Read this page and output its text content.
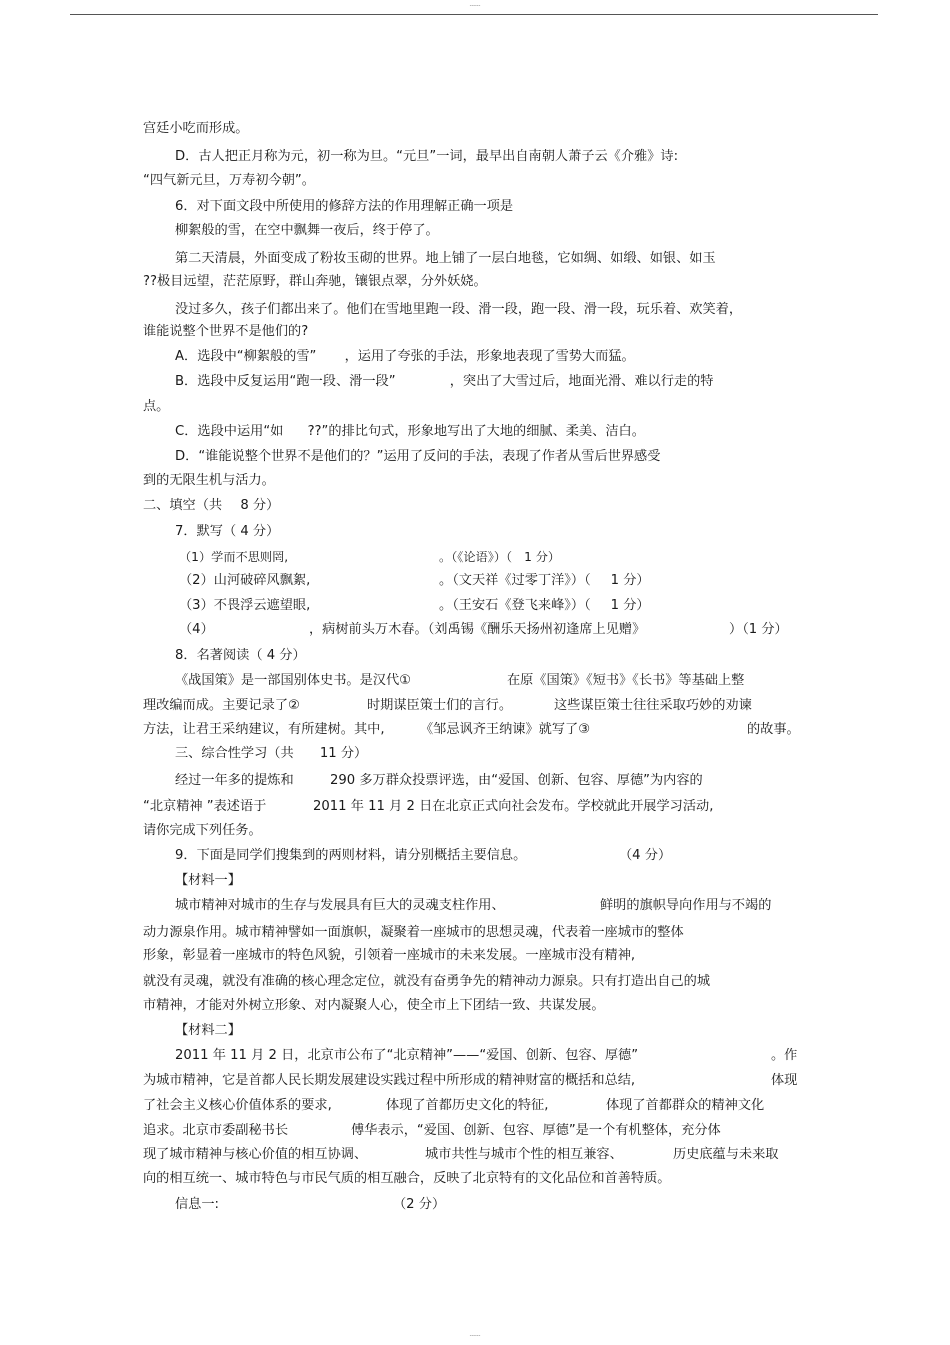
-----
宫廷小吃而形成。
D．古人把正月称为元，初一称为旦。“元旦”一词，最早出自南朝人萧子云《介雅》诗:
“四气新元旦，万寿初今朝”。
6．对下面文段中所使用的修辞方法的作用理解正确一项是
柳絮般的雪，在空中飘舞一夜后，终于停了。
第二天清晨，外面变成了粉妆玉砌的世界。地上铺了一层白地毯，它如绸、如缎、如银、如玉
??极目远望，茫茫原野，群山奔驰，镶银点翠，分外妖娆。
没过多久，孩子们都出来了。他们在雪地里跑一段、滑一段，跑一段、滑一段，玩乐着、欢笑着，
谁能说整个世界不是他们的?
A．选段中“柳絮般的雪” ，运用了夸张的手法，形象地表现了雪势大而猛。
B．选段中反复运用“跑一段、滑一段”	，突出了大雪过后，地面光滑、难以行走的特
点。
C．选段中运用“如 ??”的排比句式，形象地写出了大地的细腻、柔美、洁白。
D．“谁能说整个世界不是他们的？”运用了反问的手法，表现了作者从雪后世界感受
到的无限生机与活力。
二、填空（共 8 分）
7．默写（ 4 分）
（1）学而不思则罔,	。（《论语》）（ 1 分）
（2）山河破碎风飘絮,	。（文天祥《过零丁洋》）（ 1 分）
（3）不畏浮云遮望眼,	。（王安石《登飞来峰》）（ 1 分）
（4）	，病树前头万木春。（刘禹锡《酬乐天扬州初逢席上见赠》	）（1 分）
8．名著阅读（ 4 分）
《战国策》是一部国别体史书。是汉代①	在原《国策》《短书》《长书》等基础上整
理改编而成。主要记录了②	时期谋臣策士们的言行。	这些谋臣策士往往采取巧妙的劝谏
方法，让君王采纳建议，有所建树。其中,	《邹忌讽齐王纳谏》就写了③	的故事。
三、综合性学习（共 11 分）
经过一年多的提炼和	290 多万群众投票评选，由“爱国、创新、包容、厚德”为内容的
“北京精神 ”表述语于	2011 年 11 月 2 日在北京正式向社会发布。学校就此开展学习活动,
请你完成下列任务。
9．下面是同学们搜集到的两则材料，请分别概括主要信息。	（4 分）
【材料一】
城市精神对城市的生存与发展具有巨大的灵魂支柱作用、	鲜明的旗帜导向作用与不竭的
动力源泉作用。城市精神譬如一面旗帜，凝聚着一座城市的思想灵魂，代表着一座城市的整体
形象，彰显着一座城市的特色风貌，引领着一座城市的未来发展。一座城市没有精神,
就没有灵魂，就没有准确的核心理念定位，就没有奋勇争先的精神动力源泉。只有打造出自己的城
市精神，才能对外树立形象、对内凝聚人心，使全市上下团结一致、共谋发展。
【材料二】
2011 年 11 月 2 日，北京市公布了“北京精神”——“爱国、创新、包容、厚德”	。作
为城市精神，它是首都人民长期发展建设实践过程中所形成的精神财富的概括和总结,	体现
了社会主义核心价值体系的要求,	体现了首都历史文化的特征,	体现了首都群众的精神文化
追求。北京市委副秘书长	傅华表示，“爱国、创新、包容、厚德”是一个有机整体，充分体
现了城市精神与核心价值的相互协调、	城市共性与城市个性的相互兼容、	历史底蕴与未来取
向的相互统一、城市特色与市民气质的相互融合，反映了北京特有的文化品位和首善特质。
信息一:	（2 分）
-----
